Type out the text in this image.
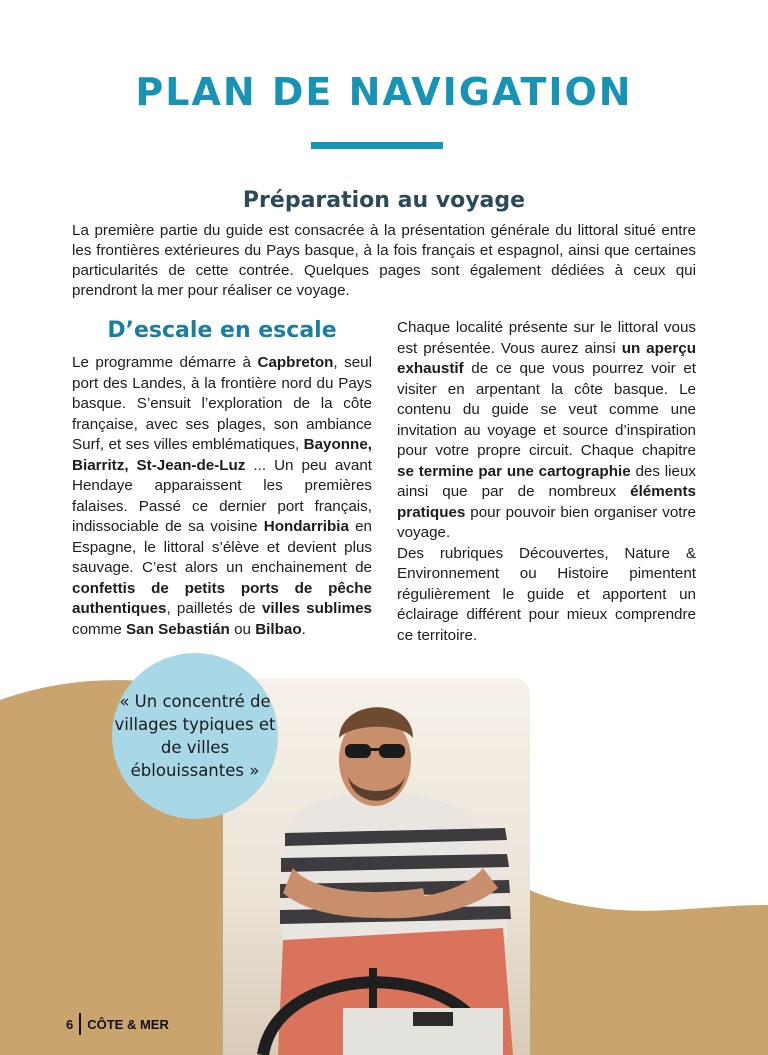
PLAN DE NAVIGATION
Préparation au voyage

La première partie du guide est consacrée à la présentation générale du littoral situé entre les frontières extérieures du Pays basque, à la fois français et espagnol, ainsi que certaines particularités de cette contrée. Quelques pages sont également dédiées à ceux qui prendront la mer pour réaliser ce voyage.

D’escale en escale

Le programme démarre à Capbreton, seul port des Landes, à la frontière nord du Pays basque. S’ensuit l’exploration de la côte française, avec ses plages, son ambiance Surf, et ses villes emblématiques, Bayonne, Biarritz, St-Jean-de-Luz ... Un peu avant Hendaye apparaissent les premières falaises. Passé ce dernier port français, indissociable de sa voisine Hondarribia en Espagne, le littoral s’élève et devient plus sauvage. C’est alors un enchainement de confettis de petits ports de pêche authentiques, pailletés de villes sublimes comme San Sebastián ou Bilbao.

Chaque localité présente sur le littoral vous est présentée. Vous aurez ainsi un aperçu exhaustif de ce que vous pourrez voir et visiter en arpentant la côte basque. Le contenu du guide se veut comme une invitation au voyage et source d’inspiration pour votre propre circuit. Chaque chapitre se termine par une cartographie des lieux ainsi que par de nombreux éléments pratiques pour pouvoir bien organiser votre voyage.

Des rubriques Découvertes, Nature & Environnement ou Histoire pimentent régulièrement le guide et apportent un éclairage différent pour mieux comprendre ce territoire.

« Un concentré de villages typiques et de villes éblouissantes »
6 CÔTE & MER
